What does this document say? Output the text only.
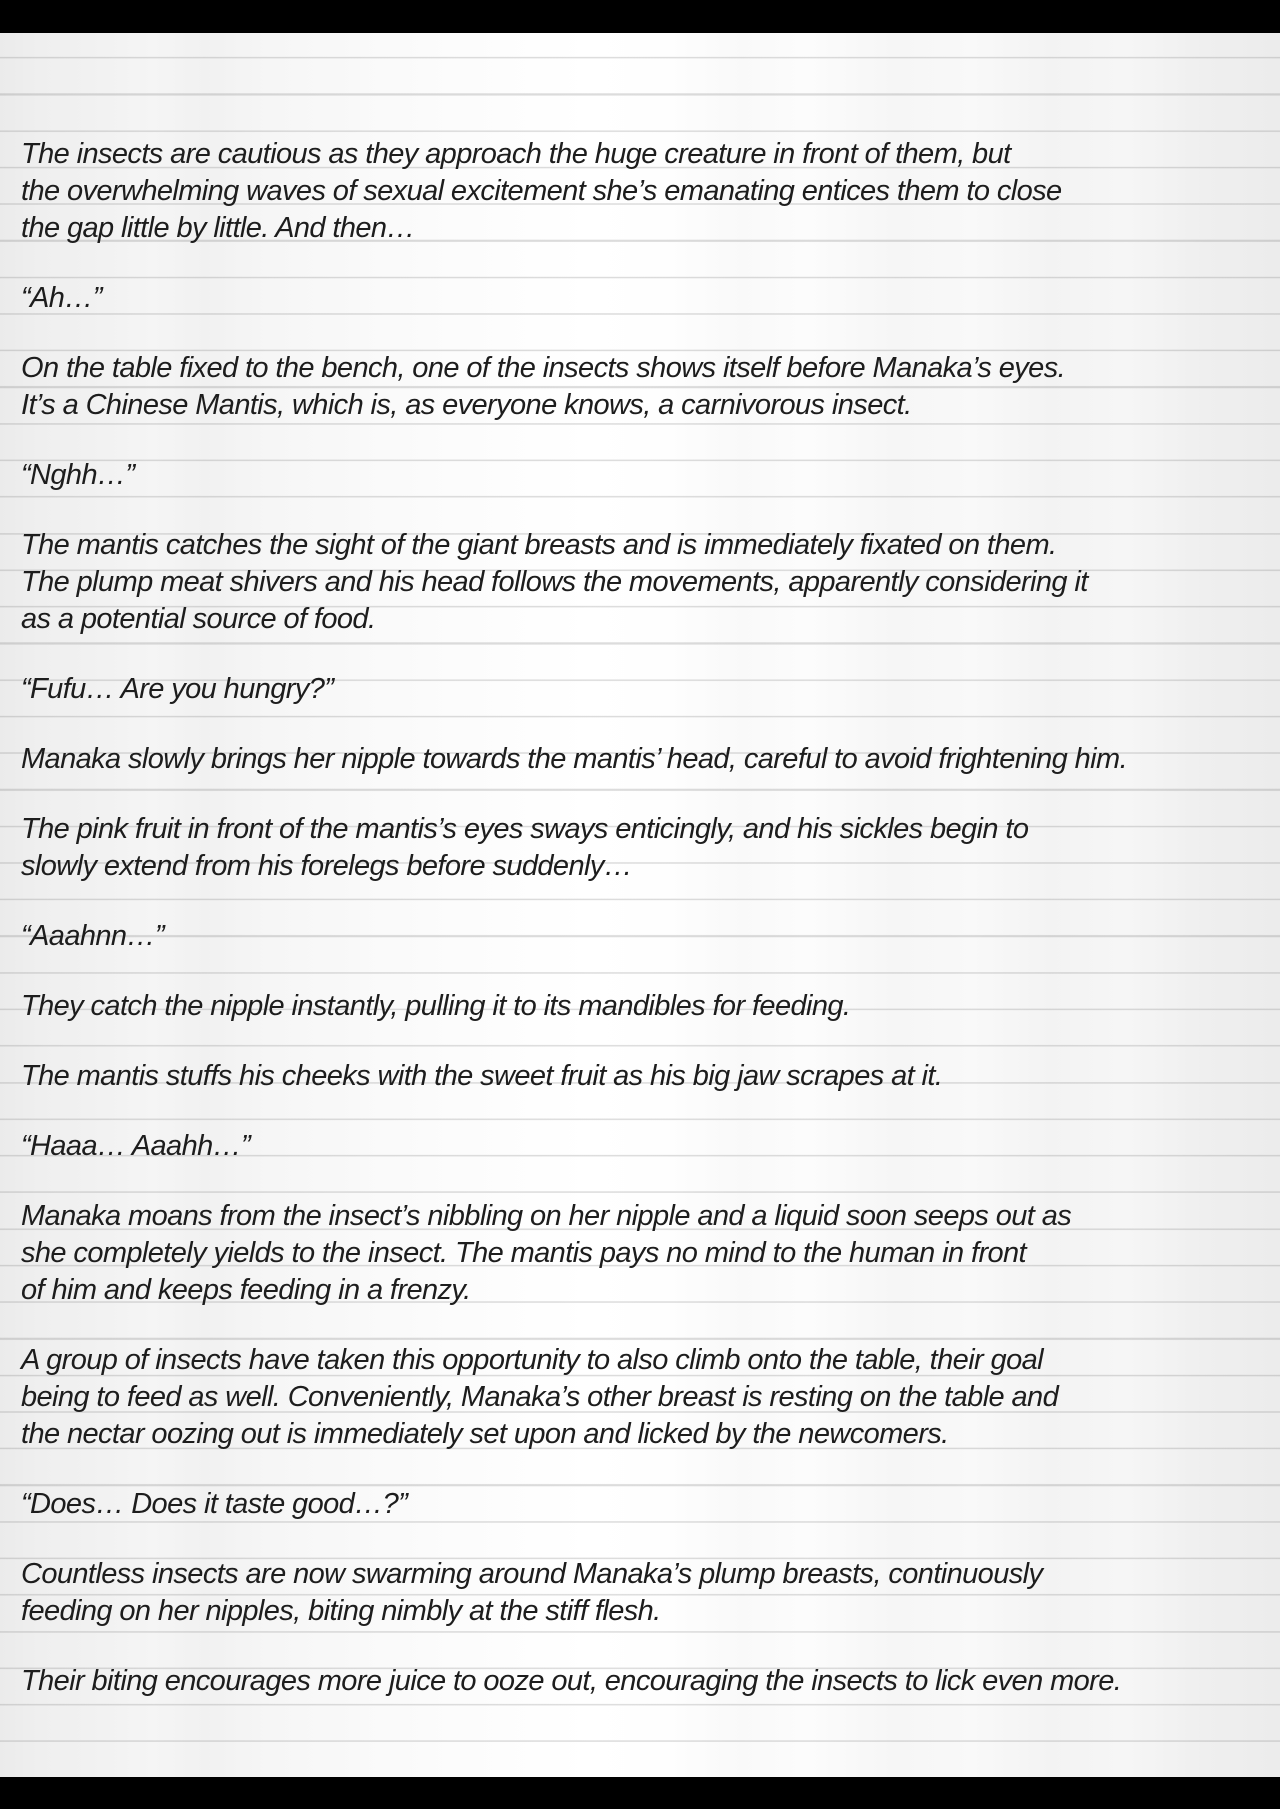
The insects are cautious as they approach the huge creature in front of them, but
the overwhelming waves of sexual excitement she’s emanating entices them to close
the gap little by little. And then…
“Ah…”
On the table fixed to the bench, one of the insects shows itself before Manaka’s eyes.
It’s a Chinese Mantis, which is, as everyone knows, a carnivorous insect.
“Nghh…”
The mantis catches the sight of the giant breasts and is immediately fixated on them.
The plump meat shivers and his head follows the movements, apparently considering it
as a potential source of food.
“Fufu… Are you hungry?”
Manaka slowly brings her nipple towards the mantis’ head, careful to avoid frightening him.
The pink fruit in front of the mantis’s eyes sways enticingly, and his sickles begin to
slowly extend from his forelegs before suddenly…
“Aaahnn…”
They catch the nipple instantly, pulling it to its mandibles for feeding.
The mantis stuffs his cheeks with the sweet fruit as his big jaw scrapes at it.
“Haaa… Aaahh…”
Manaka moans from the insect’s nibbling on her nipple and a liquid soon seeps out as
she completely yields to the insect. The mantis pays no mind to the human in front
of him and keeps feeding in a frenzy.
A group of insects have taken this opportunity to also climb onto the table, their goal
being to feed as well. Conveniently, Manaka’s other breast is resting on the table and
the nectar oozing out is immediately set upon and licked by the newcomers.
“Does… Does it taste good…?”
Countless insects are now swarming around Manaka’s plump breasts, continuously
feeding on her nipples, biting nimbly at the stiff flesh.
Their biting encourages more juice to ooze out, encouraging the insects to lick even more.
